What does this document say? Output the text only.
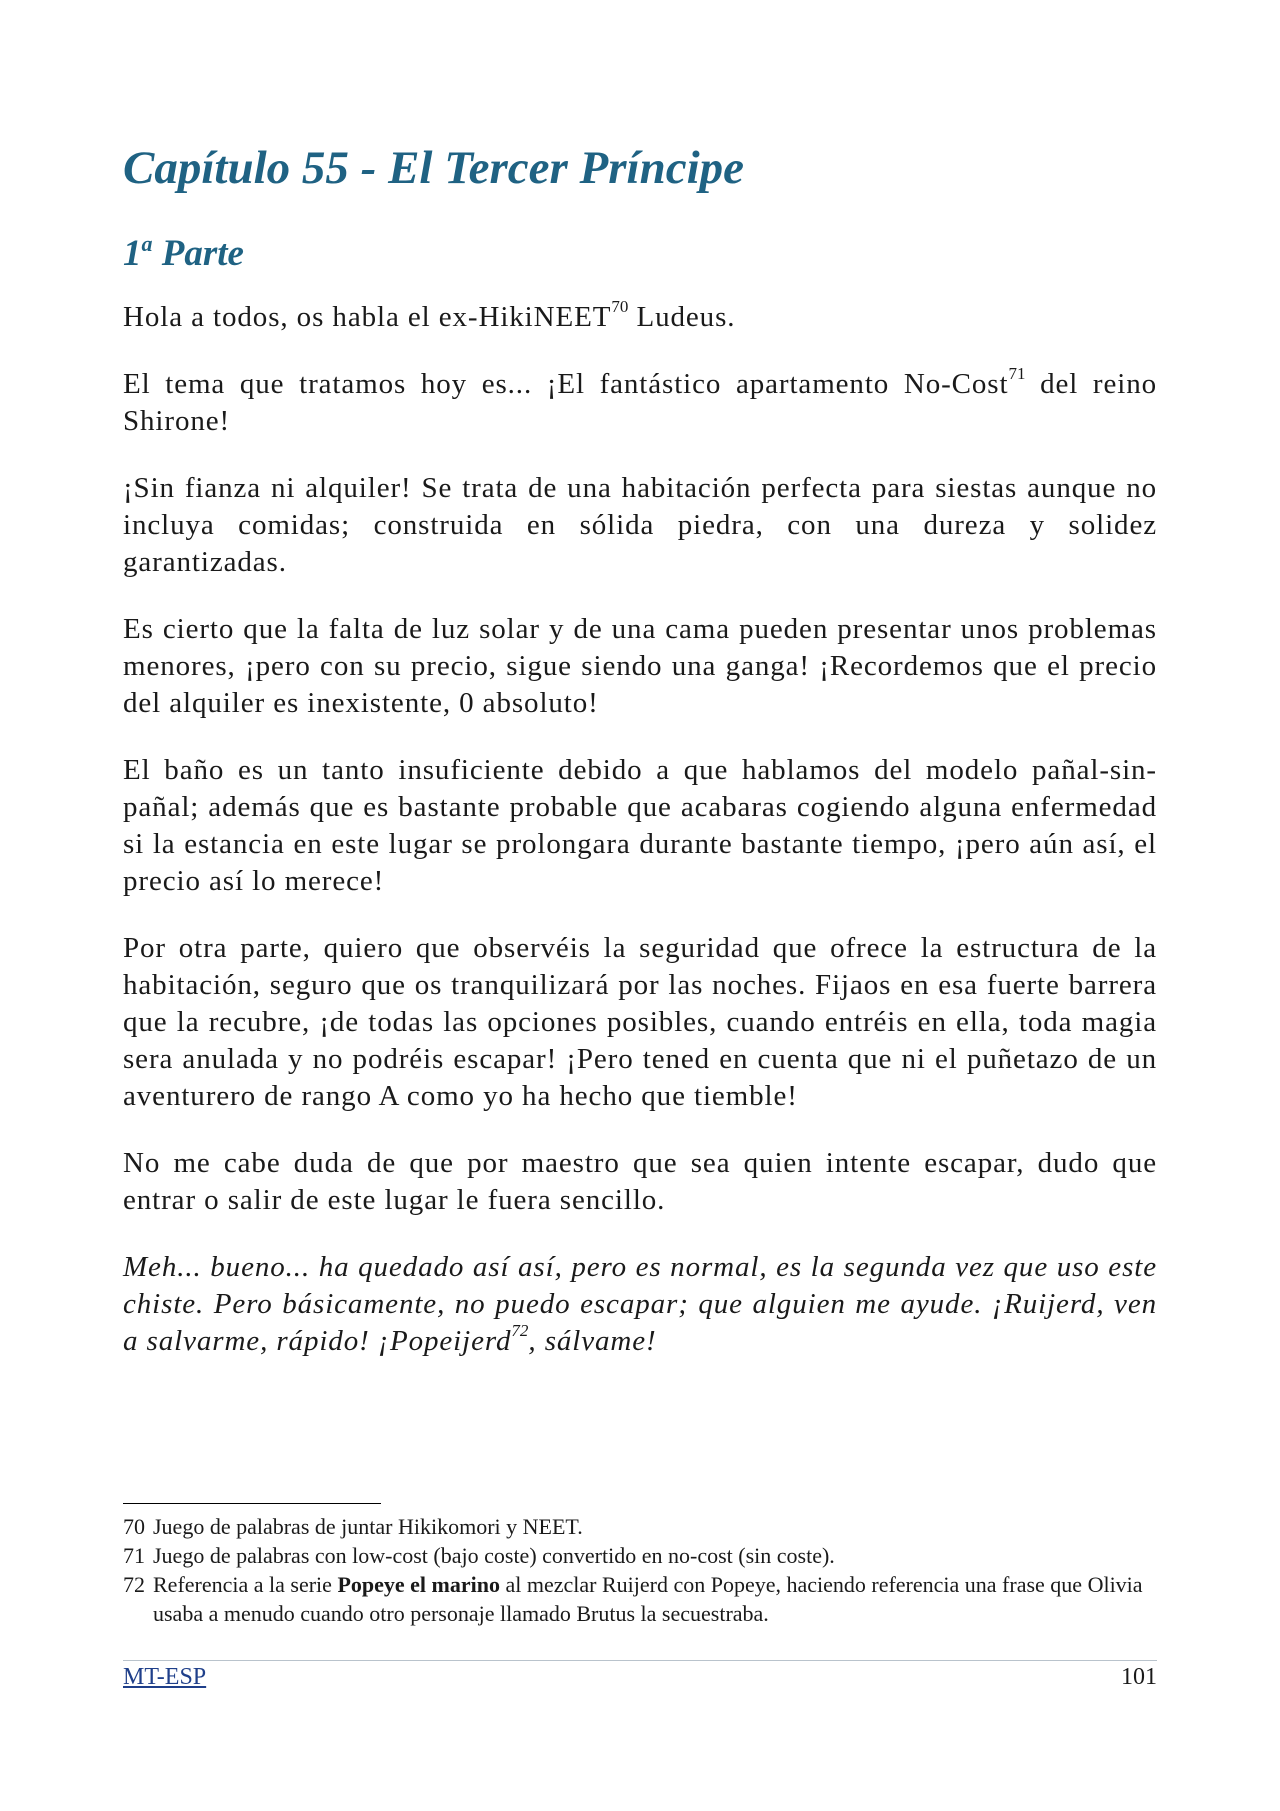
Capítulo 55 - El Tercer Príncipe
1$^a$ Parte

Hola a todos, os habla el ex-HikiNEET$^{70}$ Ludeus.

El tema que tratamos hoy es... ¡El fantástico apartamento No-Cost$^{71}$ del reino Shirone!

¡Sin fianza ni alquiler! Se trata de una habitación perfecta para siestas aunque no incluya comidas; construida en sólida piedra, con una dureza y solidez garantizadas.

Es cierto que la falta de luz solar y de una cama pueden presentar unos problemas menores, ¡pero con su precio, sigue siendo una ganga! ¡Recordemos que el precio del alquiler es inexistente, 0 absoluto!

El baño es un tanto insuficiente debido a que hablamos del modelo pañal-sin-pañal; además que es bastante probable que acabaras cogiendo alguna enfermedad si la estancia en este lugar se prolongara durante bastante tiempo, ¡pero aún así, el precio así lo merece!

Por otra parte, quiero que observéis la seguridad que ofrece la estructura de la habitación, seguro que os tranquilizará por las noches. Fijaos en esa fuerte barrera que la recubre, ¡de todas las opciones posibles, cuando entréis en ella, toda magia sera anulada y no podréis escapar! ¡Pero tened en cuenta que ni el puñetazo de un aventurero de rango A como yo ha hecho que tiemble!

No me cabe duda de que por maestro que sea quien intente escapar, dudo que entrar o salir de este lugar le fuera sencillo.

Meh... bueno... ha quedado así así, pero es normal, es la segunda vez que uso este chiste. Pero básicamente, no puedo escapar; que alguien me ayude. ¡Ruijerd, ven a salvarme, rápido! ¡Popeijerd$^{72}$, sálvame!

70 Juego de palabras de juntar Hikikomori y NEET.
71 Juego de palabras con low-cost (bajo coste) convertido en no-cost (sin coste).
72 Referencia a la serie Popeye el marino al mezclar Ruijerd con Popeye, haciendo referencia una frase que Olivia usaba a menudo cuando otro personaje llamado Brutus la secuestraba.
MT-ESP	101
